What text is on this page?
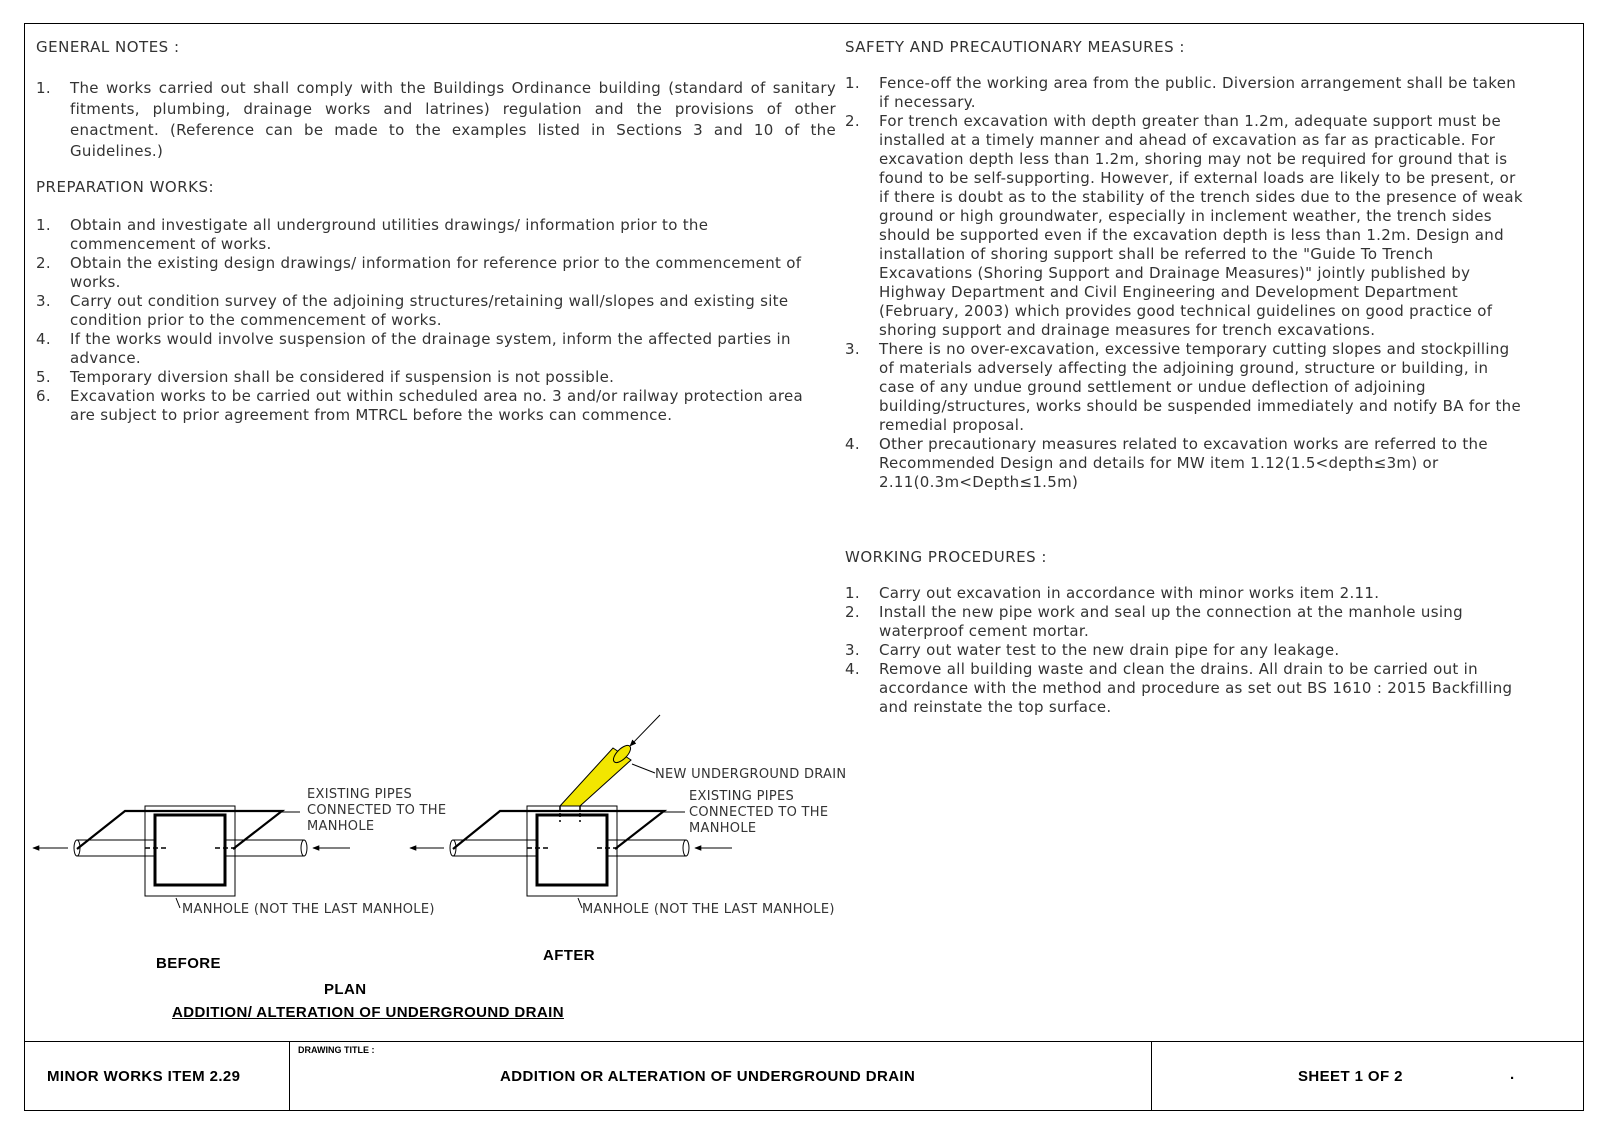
GENERAL NOTES :
1. The works carried out shall comply with the Buildings Ordinance building (standard of sanitary fitments, plumbing, drainage works and latrines) regulation and the provisions of other enactment. (Reference can be made to the examples listed in Sections 3 and 10 of the Guidelines.)
PREPARATION WORKS:
1. Obtain and investigate all underground utilities drawings/ information prior to the commencement of works.
2. Obtain the existing design drawings/ information for reference prior to the commencement of works.
3. Carry out condition survey of the adjoining structures/retaining wall/slopes and existing site condition prior to the commencement of works.
4. If the works would involve suspension of the drainage system, inform the affected parties in advance.
5. Temporary diversion shall be considered if suspension is not possible.
6. Excavation works to be carried out within scheduled area no. 3 and/or railway protection area are subject to prior agreement from MTRCL before the works can commence.
SAFETY AND PRECAUTIONARY MEASURES :
1. Fence-off the working area from the public. Diversion arrangement shall be taken if necessary.
2. For trench excavation with depth greater than 1.2m, adequate support must be installed at a timely manner and ahead of excavation as far as practicable. For excavation depth less than 1.2m, shoring may not be required for ground that is found to be self-supporting. However, if external loads are likely to be present, or if there is doubt as to the stability of the trench sides due to the presence of weak ground or high groundwater, especially in inclement weather, the trench sides should be supported even if the excavation depth is less than 1.2m. Design and installation of shoring support shall be referred to the "Guide To Trench Excavations (Shoring Support and Drainage Measures)" jointly published by Highway Department and Civil Engineering and Development Department (February, 2003) which provides good technical guidelines on good practice of shoring support and drainage measures for trench excavations.
3. There is no over-excavation, excessive temporary cutting slopes and stockpilling of materials adversely affecting the adjoining ground, structure or building, in case of any undue ground settlement or undue deflection of adjoining building/structures, works should be suspended immediately and notify BA for the remedial proposal.
4. Other precautionary measures related to excavation works are referred to the Recommended Design and details for MW item 1.12(1.5<depth≤3m) or 2.11(0.3m<Depth≤1.5m)
WORKING PROCEDURES :
1. Carry out excavation in accordance with minor works item 2.11.
2. Install the new pipe work and seal up the connection at the manhole using waterproof cement mortar.
3. Carry out water test to the new drain pipe for any leakage.
4. Remove all building waste and clean the drains. All drain to be carried out in accordance with the method and procedure as set out BS 1610 : 2015 Backfilling and reinstate the top surface.
EXISTING PIPES
CONNECTED TO THE
MANHOLE
MANHOLE (NOT THE LAST MANHOLE)
BEFORE
NEW UNDERGROUND DRAIN
EXISTING PIPES
CONNECTED TO THE
MANHOLE
MANHOLE (NOT THE LAST MANHOLE)
AFTER
PLAN
ADDITION/ ALTERATION OF UNDERGROUND DRAIN
MINOR WORKS ITEM 2.29
DRAWING TITLE :
ADDITION OR ALTERATION OF UNDERGROUND DRAIN	SHEET 1 OF 2	.
